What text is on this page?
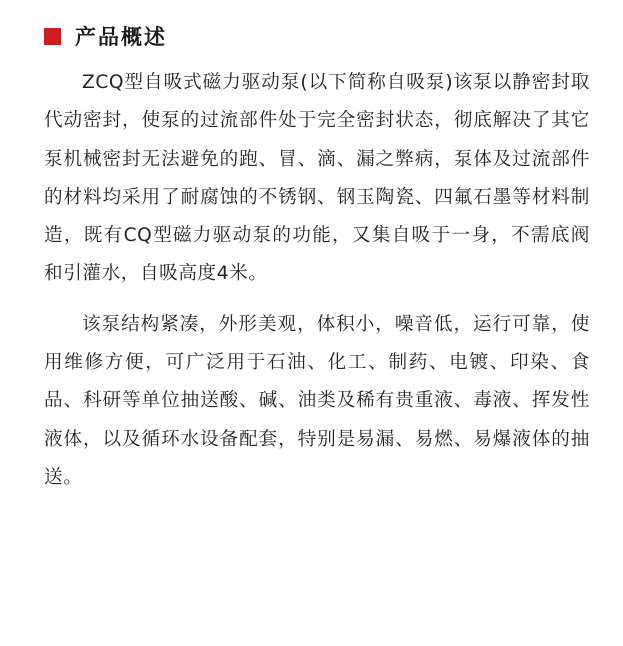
产品概述

ZCQ型自吸式磁力驱动泵(以下简称自吸泵)该泵以静密封取代动密封，使泵的过流部件处于完全密封状态，彻底解决了其它泵机械密封无法避免的跑、冒、滴、漏之弊病，泵体及过流部件的材料均采用了耐腐蚀的不锈钢、钢玉陶瓷、四氟石墨等材料制造，既有CQ型磁力驱动泵的功能，又集自吸于一身，不需底阀和引灌水，自吸高度4米。

该泵结构紧凑，外形美观，体积小，噪音低，运行可靠，使用维修方便，可广泛用于石油、化工、制药、电镀、印染、食品、科研等单位抽送酸、碱、油类及稀有贵重液、毒液、挥发性液体，以及循环水设备配套，特别是易漏、易燃、易爆液体的抽送。
